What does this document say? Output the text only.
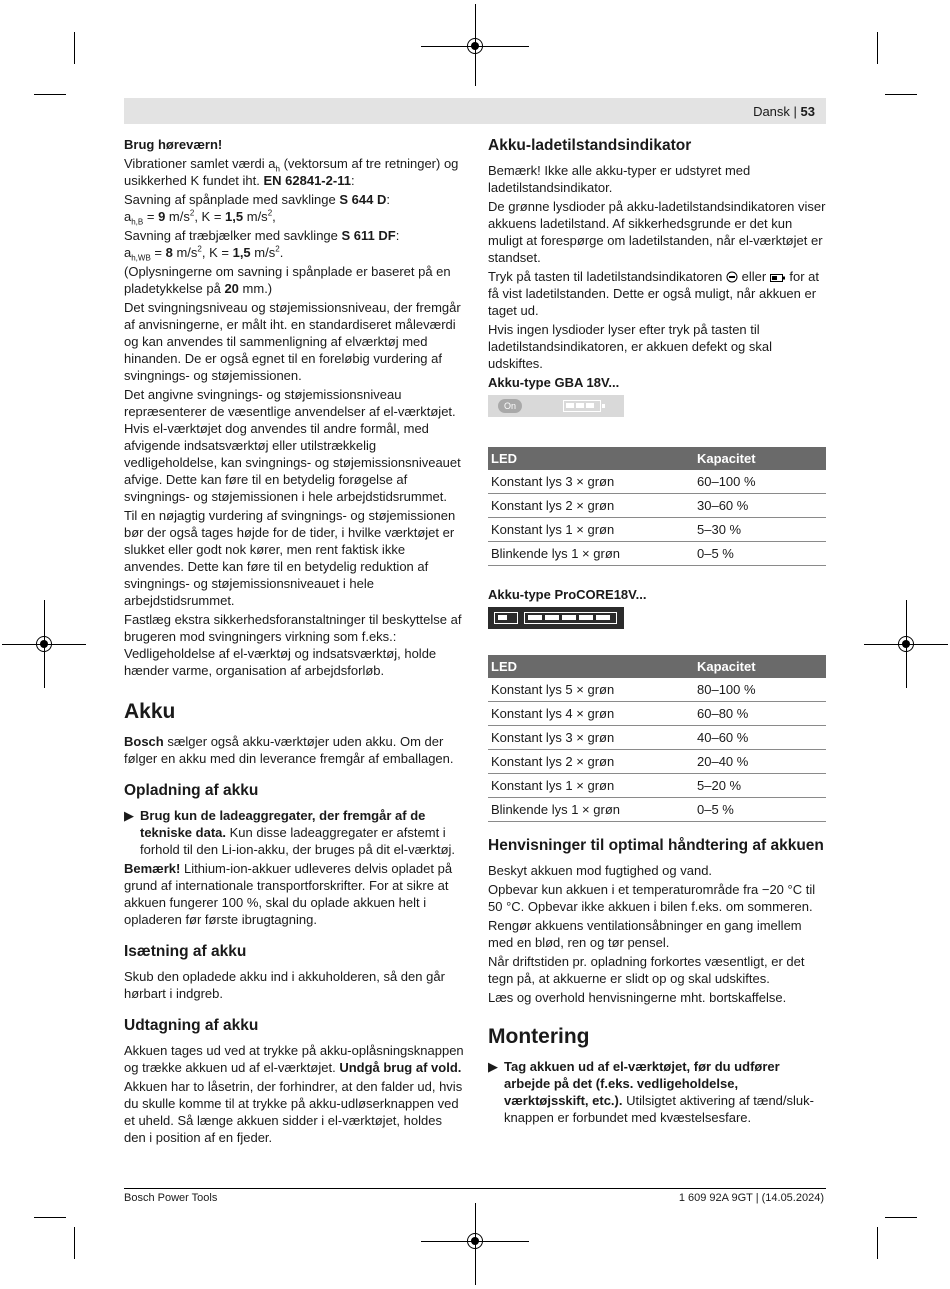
Dansk | 53

Brug høreværn!

Vibrationer samlet værdi $a_h$ (vektorsum af tre retninger) og usikkerhed K fundet iht. EN 62841-2-11:

Savning af spånplade med savklinge S 644 D:

$a_{h,B} = 9$ $m/s^2$, K = 1,5 $m/s^2$,

Savning af træbjælker med savklinge S 611 DF:

$a_{h,WB} = 8$ $m/s^2$, K = 1,5 $m/s^2$.

(Oplysningerne om savning i spånplade er baseret på en pladetykkelse på 20 mm.)

Det svingningsniveau og støjemissionsniveau, der fremgår af anvisningerne, er målt iht. en standardiseret måleværdi og kan anvendes til sammenligning af elværktøj med hinanden. De er også egnet til en foreløbig vurdering af svingnings- og støjemissionen.

Det angivne svingnings- og støjemissionsniveau repræsenterer de væsentlige anvendelser af el-værktøjet. Hvis el-værktøjet dog anvendes til andre formål, med afvigende indsatsværktøj eller utilstrækkelig vedligeholdelse, kan svingnings- og støjemissionsniveauet afvige. Dette kan føre til en betydelig forøgelse af svingnings- og støjemissionen i hele arbejdstidsrummet.

Til en nøjagtig vurdering af svingnings- og støjemissionen bør der også tages højde for de tider, i hvilke værktøjet er slukket eller godt nok kører, men rent faktisk ikke anvendes. Dette kan føre til en betydelig reduktion af svingnings- og støjemissionsniveauet i hele arbejdstidsrummet.

Fastlæg ekstra sikkerhedsforanstaltninger til beskyttelse af brugeren mod svingningers virkning som f.eks.: Vedligeholdelse af el-værktøj og indsatsværktøj, holde hænder varme, organisation af arbejdsforløb.

Akku

Bosch sælger også akku-værktøjer uden akku. Om der følger en akku med din leverance fremgår af emballagen.

Opladning af akku
▶ Brug kun de ladeaggregater, der fremgår af de tekniske data. Kun disse ladeaggregater er afstemt i forhold til den Li-ion-akku, der bruges på dit el-værktøj.

Bemærk! Lithium-ion-akkuer udleveres delvis opladet på grund af internationale transportforskrifter. For at sikre at akkuen fungerer 100 %, skal du oplade akkuen helt i opladeren før første ibrugtagning.

Isætning af akku

Skub den opladede akku ind i akkuholderen, så den går hørbart i indgreb.

Udtagning af akku

Akkuen tages ud ved at trykke på akku-oplåsningsknappen og trække akkuen ud af el-værktøjet. Undgå brug af vold.

Akkuen har to låsetrin, der forhindrer, at den falder ud, hvis du skulle komme til at trykke på akku-udløserknappen ved et uheld. Så længe akkuen sidder i el-værktøjet, holdes den i position af en fjeder.

Akku-ladetilstandsindikator

Bemærk! Ikke alle akku-typer er udstyret med ladetilstandsindikator.

De grønne lysdioder på akku-ladetilstandsindikatoren viser akkuens ladetilstand. Af sikkerhedsgrunde er det kun muligt at forespørge om ladetilstanden, når el-værktøjet er standset.

Tryk på tasten til ladetilstandsindikatoren  eller  for at få vist ladetilstanden. Dette er også muligt, når akkuen er taget ud.

Hvis ingen lysdioder lyser efter tryk på tasten til ladetilstandsindikatoren, er akkuen defekt og skal udskiftes.

Akku-type GBA 18V...

On
LED	Kapacitet
Konstant lys 3 × grøn	60–100 %
Konstant lys 2 × grøn	30–60 %
Konstant lys 1 × grøn	5–30 %
Blinkende lys 1 × grøn	0–5 %

Akku-type ProCORE18V...

LED	Kapacitet
Konstant lys 5 × grøn	80–100 %
Konstant lys 4 × grøn	60–80 %
Konstant lys 3 × grøn	40–60 %
Konstant lys 2 × grøn	20–40 %
Konstant lys 1 × grøn	5–20 %
Blinkende lys 1 × grøn	0–5 %
Henvisninger til optimal håndtering af akkuen

Beskyt akkuen mod fugtighed og vand.

Opbevar kun akkuen i et temperaturområde fra −20 °C til 50 °C. Opbevar ikke akkuen i bilen f.eks. om sommeren.

Rengør akkuens ventilationsåbninger en gang imellem med en blød, ren og tør pensel.

Når driftstiden pr. opladning forkortes væsentligt, er det tegn på, at akkuerne er slidt op og skal udskiftes.

Læs og overhold henvisningerne mht. bortskaffelse.

Montering
▶ Tag akkuen ud af el-værktøjet, før du udfører arbejde på det (f.eks. vedligeholdelse, værktøjsskift, etc.). Utilsigtet aktivering af tænd/sluk-knappen er forbundet med kvæstelsesfare.
Bosch Power Tools	1 609 92A 9GT | (14.05.2024)
